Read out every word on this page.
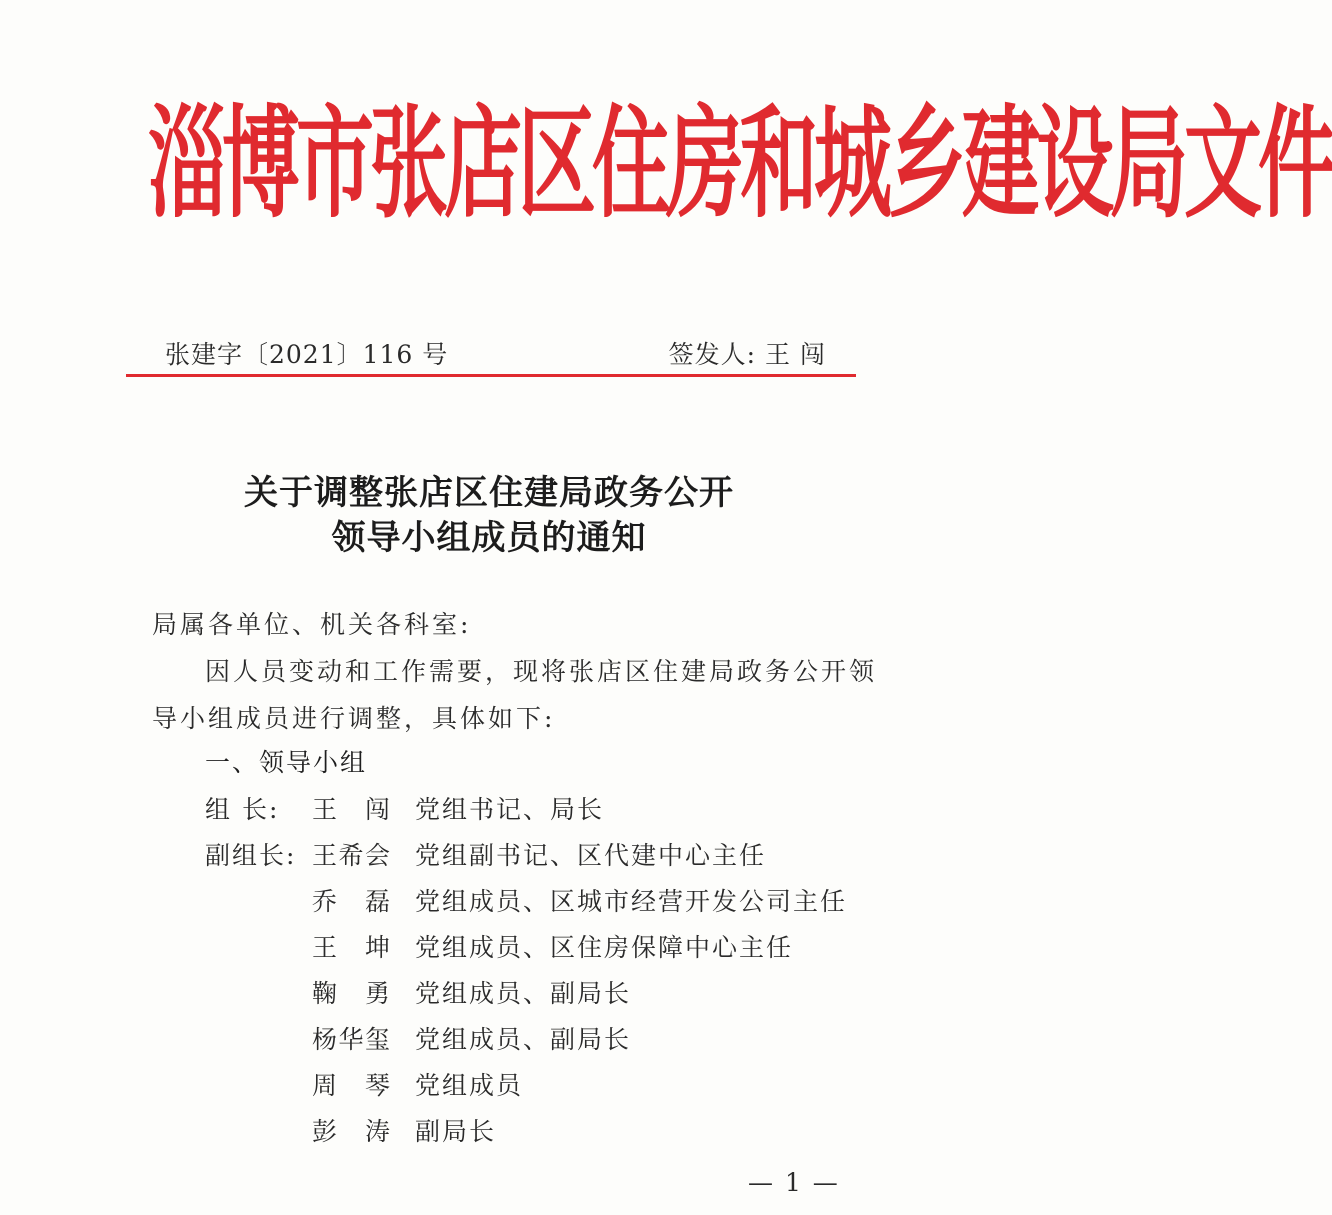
淄博市张店区住房和城乡建设局文件
张建字〔2021〕116 号	签发人: 王 闯
关于调整张店区住建局政务公开
领导小组成员的通知
局属各单位、机关各科室:
因人员变动和工作需要，现将张店区住建局政务公开领
导小组成员进行调整，具体如下:
一、领导小组
组 长: 王 闯 党组书记、局长
副组长: 王 希 会 党组副书记、区代建中心主任
乔 磊 党组成员、区城市经营开发公司主任
王 坤 党组成员、区住房保障中心主任
鞠 勇 党组成员、副局长
杨 华 玺 党组成员、副局长
周 琴 党组成员
彭 涛 副局长
— 1 —
